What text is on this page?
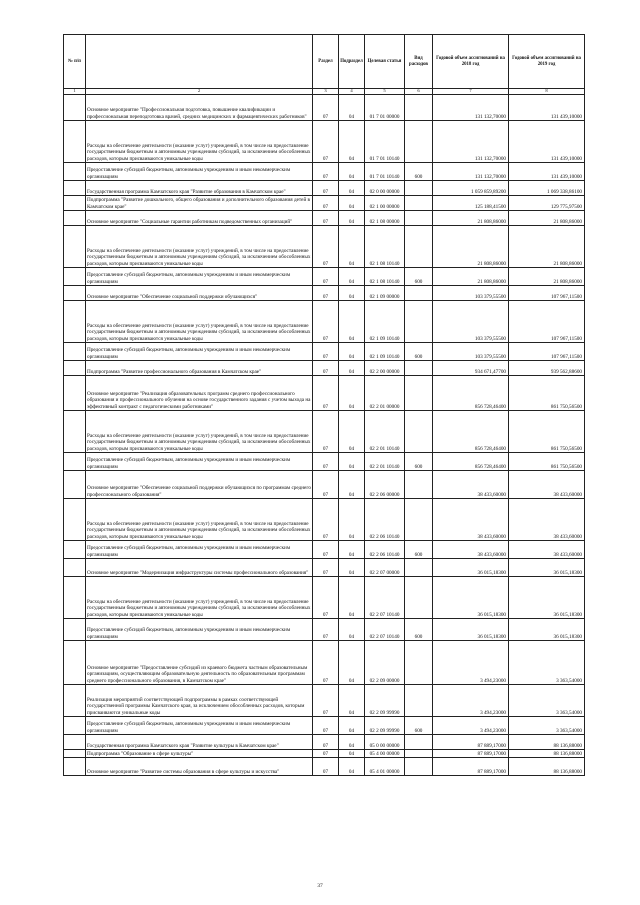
№ п/п		Раздел	Подраздел	Целевая статья	Вид расходов	Годовой объем ассигнований на 2018 год	Годовой объем ассигнований на 2019 год
1	2	3	4	5	6	7	8
	Основное мероприятие "Профессиональная подготовка, повышение квалификации и профессиональная переподготовка врачей, средних медицинских и фармацевтических работников"	07	04	01 7 01 00000		131 132,70000	131 439,10000
	Расходы на обеспечение деятельности (оказание услуг) учреждений, в том числе на предоставление государственным бюджетным и автономным учреждениям субсидий, за исключением обособленных расходов, которым присваиваются уникальные коды	07	04	01 7 01 10140		131 132,70000	131 439,10000
	Предоставление субсидий бюджетным, автономным учреждениям и иным некоммерческим организациям	07	04	01 7 01 10140	600	131 132,70000	131 439,10000
	Государственная программа Камчатского края "Развитие образования в Камчатском крае"	07	04	02 0 00 00000		1 059 859,89200	1 069 338,86100
	Подпрограмма "Развитие дошкольного, общего образования и дополнительного образования детей в Камчатском крае"	07	04	02 1 00 00000		125 188,41500	129 775,97500
	Основное мероприятие "Социальные гарантии работникам подведомственных организаций"	07	04	02 1 08 00000		21 808,86000	21 808,86000
	Расходы на обеспечение деятельности (оказание услуг) учреждений, в том числе на предоставление государственным бюджетным и автономным учреждениям субсидий, за исключением обособленных расходов, которым присваиваются уникальные коды	07	04	02 1 08 10140		21 808,86000	21 808,86000
	Предоставление субсидий бюджетным, автономным учреждениям и иным некоммерческим организациям	07	04	02 1 08 10140	600	21 808,86000	21 808,86000
	Основное мероприятие "Обеспечение социальной поддержки обучающихся"	07	04	02 1 09 00000		103 379,55500	107 967,11500
	Расходы на обеспечение деятельности (оказание услуг) учреждений, в том числе на предоставление государственным бюджетным и автономным учреждениям субсидий, за исключением обособленных расходов, которым присваиваются уникальные коды	07	04	02 1 09 10140		103 379,55500	107 967,11500
	Предоставление субсидий бюджетным, автономным учреждениям и иным некоммерческим организациям	07	04	02 1 09 10140	600	103 379,55500	107 967,11500
	Подпрограмма "Развитие профессионального образования в Камчатском крае"	07	04	02 2 00 00000		934 671,47700	939 562,88600
	Основное мероприятие "Реализация образовательных программ среднего профессионального образования и профессионального обучения на основе государственного задания с учетом выхода на эффективный контракт с педагогическими работниками"	07	04	02 2 01 00000		856 728,46400	861 750,56500
	Расходы на обеспечение деятельности (оказание услуг) учреждений, в том числе на предоставление государственным бюджетным и автономным учреждениям субсидий, за исключением обособленных расходов, которым присваиваются уникальные коды	07	04	02 2 01 10140		856 728,46400	861 750,56500
	Предоставление субсидий бюджетным, автономным учреждениям и иным некоммерческим организациям	07	04	02 2 01 10140	600	856 728,46400	861 750,56500
	Основное мероприятие "Обеспечение социальной поддержки обучающихся по программам среднего профессионального образования"	07	04	02 2 06 00000		38 433,60000	38 433,60000
	Расходы на обеспечение деятельности (оказание услуг) учреждений, в том числе на предоставление государственным бюджетным и автономным учреждениям субсидий, за исключением обособленных расходов, которым присваиваются уникальные коды	07	04	02 2 06 10140		38 433,60000	38 433,60000
	Предоставление субсидий бюджетным, автономным учреждениям и иным некоммерческим организациям	07	04	02 2 06 10140	600	38 433,60000	38 433,60000
	Основное мероприятие "Модернизация инфраструктуры системы профессионального образования"	07	04	02 2 07 00000		36 015,18300	36 015,18300
	Расходы на обеспечение деятельности (оказание услуг) учреждений, в том числе на предоставление государственным бюджетным и автономным учреждениям субсидий, за исключением обособленных расходов, которым присваиваются уникальные коды	07	04	02 2 07 10140		36 015,18300	36 015,18300
	Предоставление субсидий бюджетным, автономным учреждениям и иным некоммерческим организациям	07	04	02 2 07 10140	600	36 015,18300	36 015,18300
	Основное мероприятие "Предоставление субсидий из краевого бюджета частным образовательным организациям, осуществляющим образовательную деятельность по образовательным программам среднего профессионального образования, в Камчатском крае"	07	04	02 2 09 00000		3 494,23000	3 363,54000
	Реализация мероприятий соответствующей подпрограммы в рамках соответствующей государственной программы Камчатского края, за исключением обособленных расходов, которым присваиваются уникальные коды	07	04	02 2 09 99990		3 494,23000	3 363,54000
	Предоставление субсидий бюджетным, автономным учреждениям и иным некоммерческим организациям	07	04	02 2 09 99990	600	3 494,23000	3 363,54000
	Государственная программа Камчатского края "Развитие культуры в Камчатском крае"	07	04	05 0 00 00000		87 889,17000	88 136,88000
	Подпрограмма "Образование в сфере культуры"	07	04	05 4 00 00000		87 889,17000	88 136,88000
	Основное мероприятие "Развитие системы образования в сфере культуры и искусства"	07	04	05 4 01 00000		87 889,17000	88 136,88000
37
